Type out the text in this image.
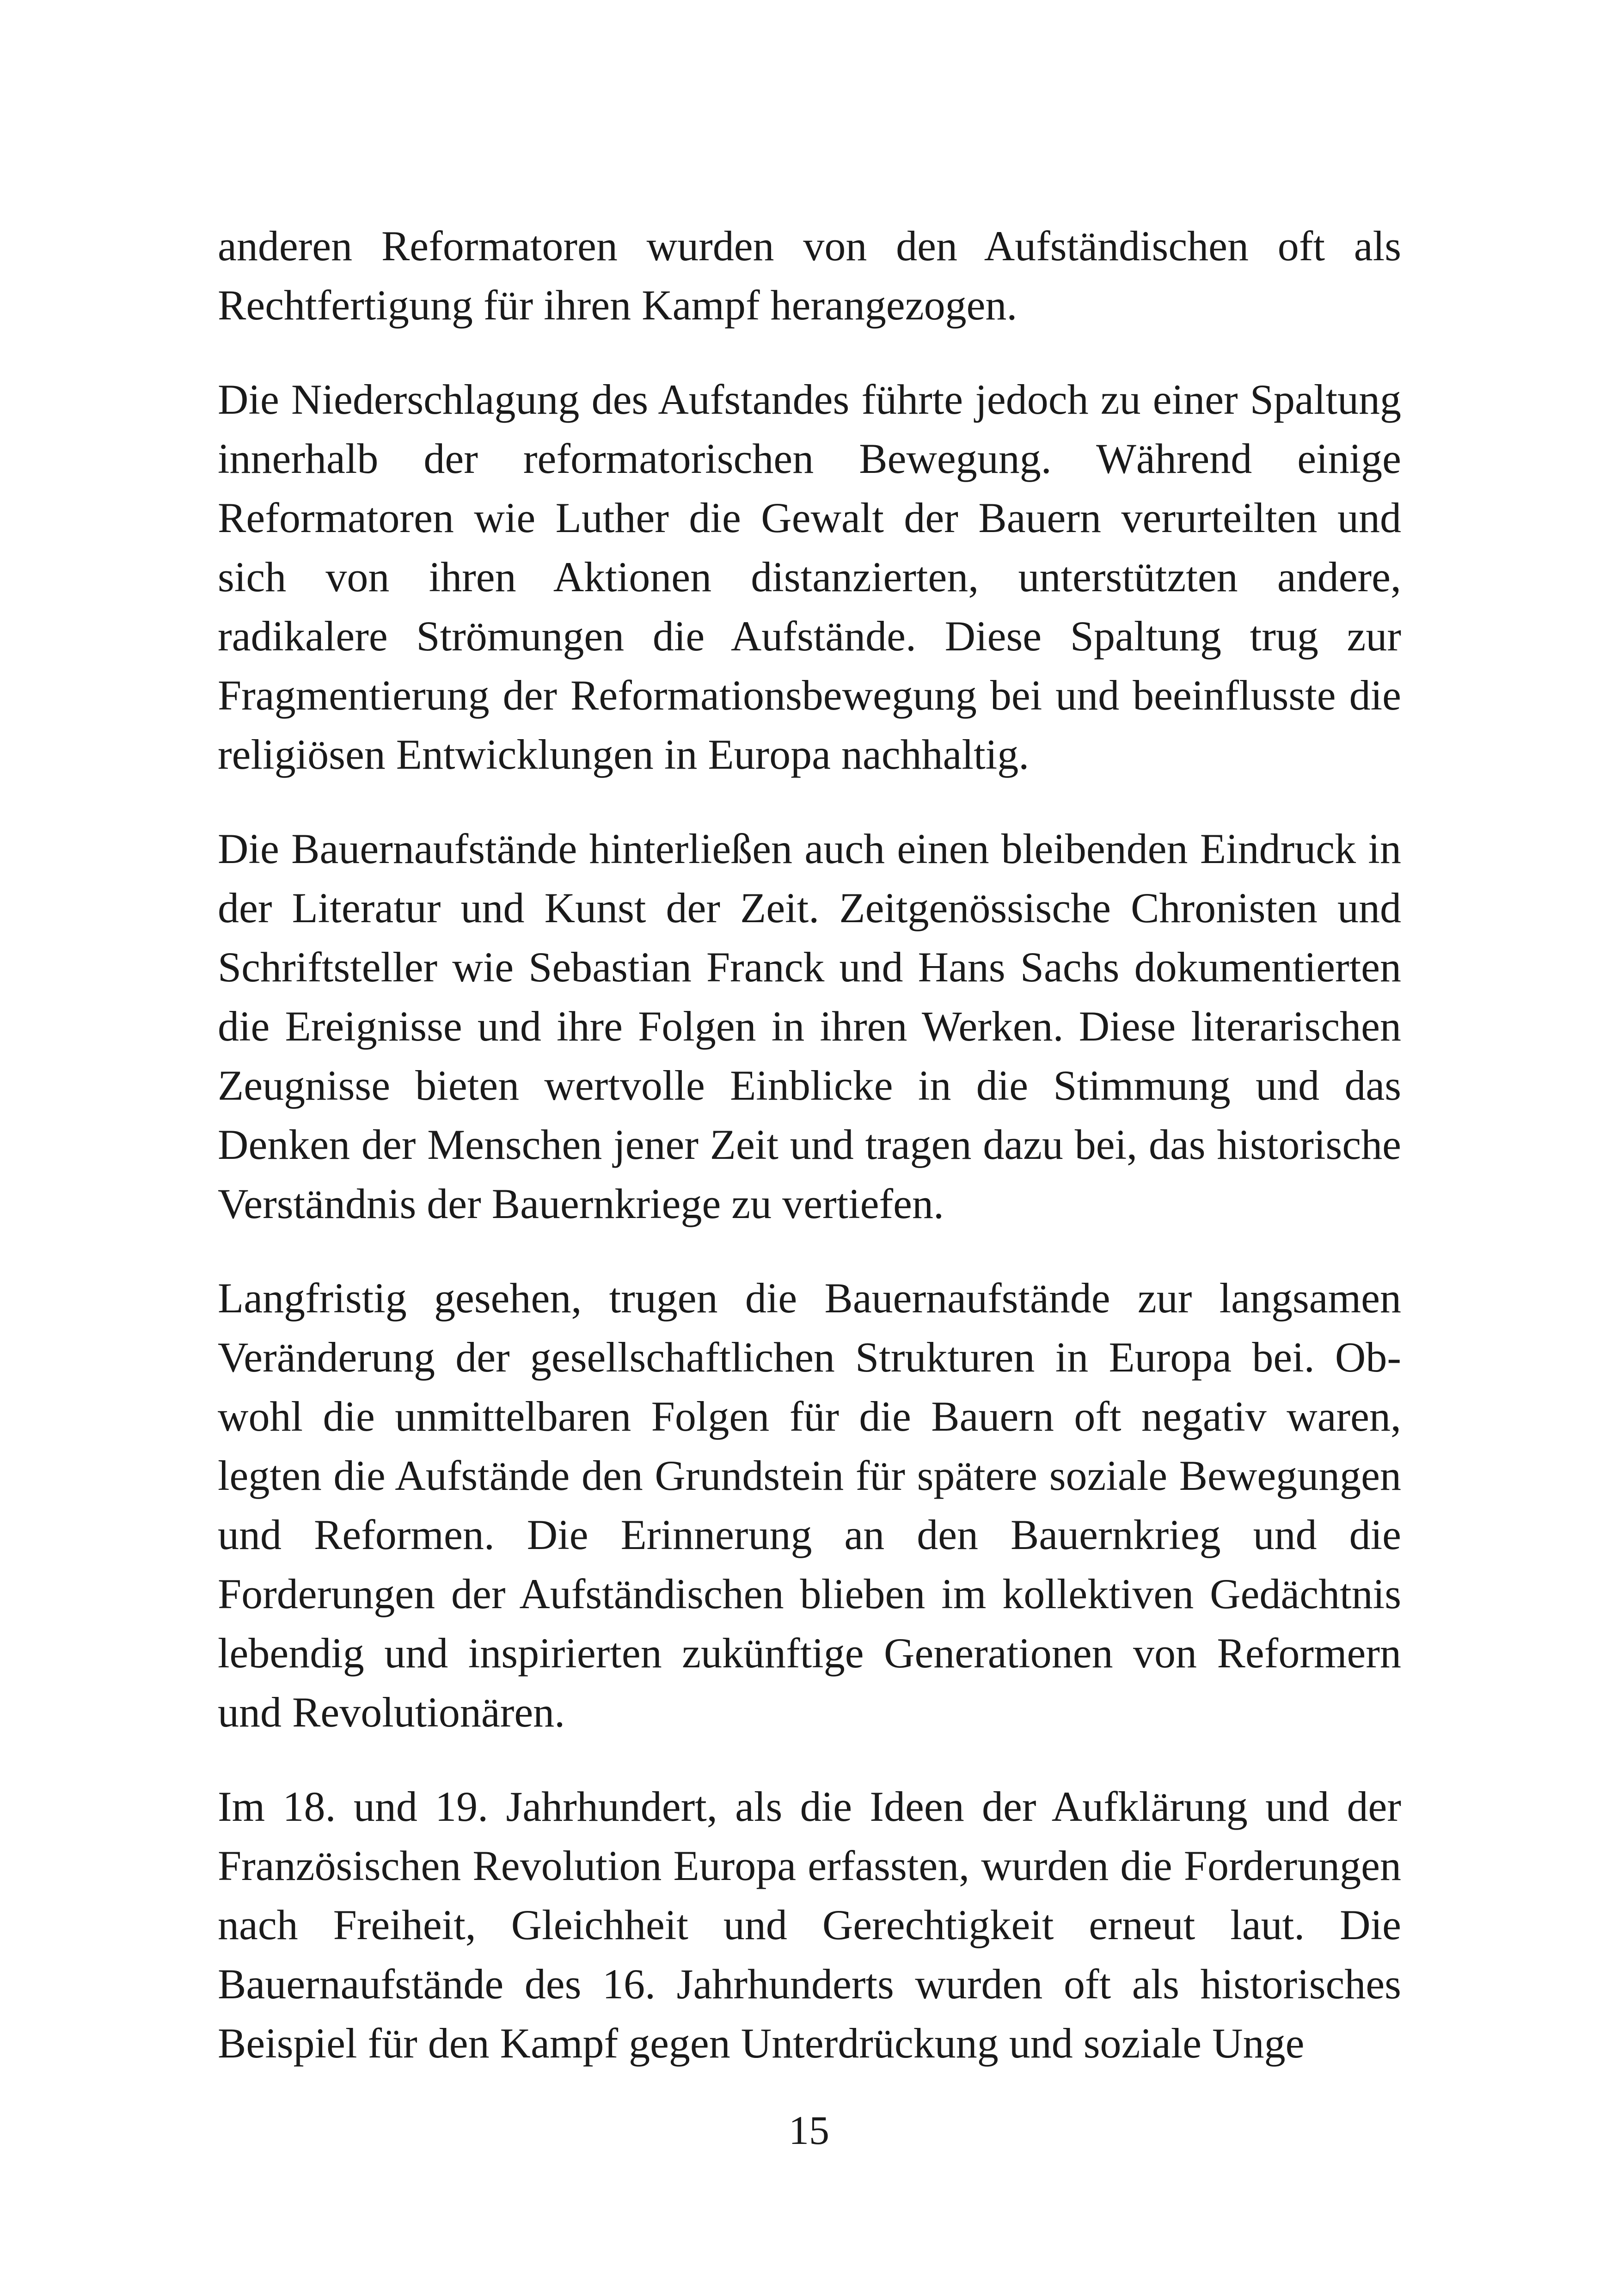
anderen Reformatoren wurden von den Aufständischen oft als Rechtfertigung für ihren Kampf herangezogen.

Die Niederschlagung des Aufstandes führte jedoch zu einer Spaltung innerhalb der reformatorischen Bewegung. Während einige Reformatoren wie Luther die Gewalt der Bauern verurteilten und sich von ihren Aktionen distanzierten, unterstützten andere, radikalere Strömungen die Aufstände. Diese Spaltung trug zur Fragmentierung der Reformationsbewegung bei und beeinflusste die religiösen Entwicklungen in Europa nachhaltig.

Die Bauernaufstände hinterließen auch einen bleibenden Eindruck in der Literatur und Kunst der Zeit. Zeitgenössische Chronisten und Schriftsteller wie Sebastian Franck und Hans Sachs dokumentierten die Ereignisse und ihre Folgen in ihren Werken. Diese literarischen Zeugnisse bieten wertvolle Einblicke in die Stimmung und das Denken der Menschen jener Zeit und tragen dazu bei, das historische Verständnis der Bauernkriege zu vertiefen.

Langfristig gesehen, trugen die Bauernaufstände zur langsamen Veränderung der gesellschaftlichen Strukturen in Europa bei. Obwohl die unmittelbaren Folgen für die Bauern oft negativ waren, legten die Aufstände den Grundstein für spätere soziale Bewegungen und Reformen. Die Erinnerung an den Bauernkrieg und die Forderungen der Aufständischen blieben im kollektiven Gedächtnis lebendig und inspirierten zukünftige Generationen von Reformern und Revolutionären.

Im 18. und 19. Jahrhundert, als die Ideen der Aufklärung und der Französischen Revolution Europa erfassten, wurden die Forderungen nach Freiheit, Gleichheit und Gerechtigkeit erneut laut. Die Bauernaufstände des 16. Jahrhunderts wurden oft als historisches Beispiel für den Kampf gegen Unterdrückung und soziale Unge

15
